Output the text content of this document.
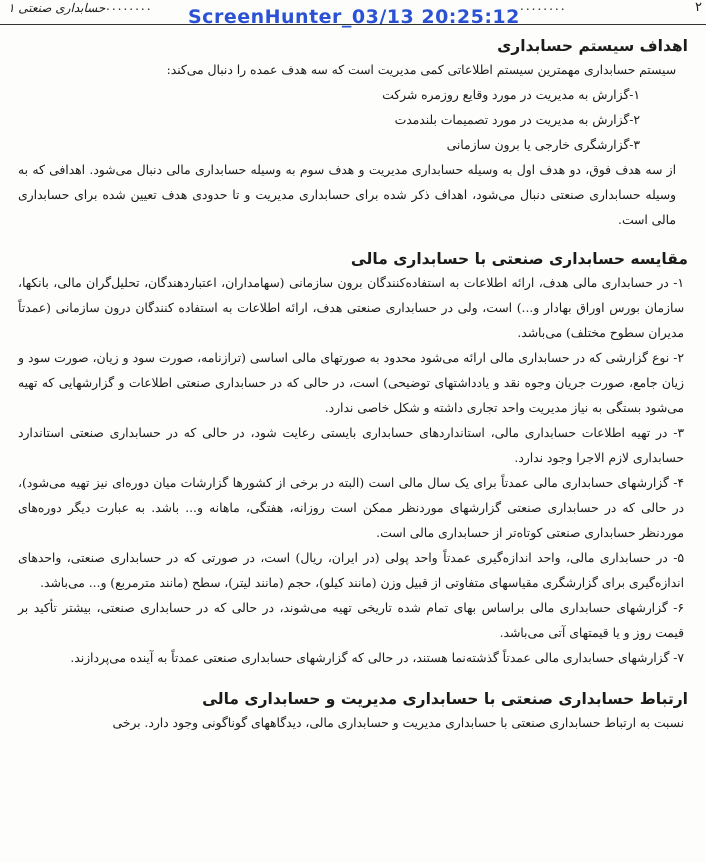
۲
حسابداری صنعتی ۱ ........	........
ScreenHunter_03/13 20:25:12
اهداف سیستم حسابداری

سیستم حسابداری مهمترین سیستم اطلاعاتی کمی مدیریت است که سه هدف عمده را دنبال می‌کند:

۱-گزارش به مدیریت در مورد وقایع روزمره شرکت

۲-گزارش به مدیریت در مورد تصمیمات بلندمدت

۳-گزارشگری خارجی یا برون سازمانی

از سه هدف فوق، دو هدف اول به وسیله حسابداری مدیریت و هدف سوم به وسیله حسابداری مالی دنبال می‌شود. اهدافی که به وسیله حسابداری صنعتی دنبال می‌شود، اهداف ذکر شده برای حسابداری مدیریت و تا حدودی هدف تعیین شده برای حسابداری مالی است.

مقایسه حسابداری صنعتی با حسابداری مالی

۱- در حسابداری مالی هدف، ارائه اطلاعات به استفاده‌کنندگان برون سازمانی (سهامداران، اعتباردهندگان، تحلیل‌گران مالی، بانکها، سازمان بورس اوراق بهادار و...) است، ولی در حسابداری صنعتی هدف، ارائه اطلاعات به استفاده کنندگان درون سازمانی (عمدتاً مدیران سطوح مختلف) می‌باشد.

۲- نوع گزارشی که در حسابداری مالی ارائه می‌شود محدود به صورتهای مالی اساسی (ترازنامه، صورت سود و زیان، صورت سود و زیان جامع، صورت جریان وجوه نقد و یادداشتهای توضیحی) است، در حالی که در حسابداری صنعتی اطلاعات و گزارشهایی که تهیه می‌شود بستگی به نیاز مدیریت واحد تجاری داشته و شکل خاصی ندارد.

۳- در تهیه اطلاعات حسابداری مالی، استانداردهای حسابداری بایستی رعایت شود، در حالی که در حسابداری صنعتی استاندارد حسابداری لازم الاجرا وجود ندارد.

۴- گزارشهای حسابداری مالی عمدتاً برای یک سال مالی است (البته در برخی از کشورها گزارشات میان دوره‌ای نیز تهیه می‌شود)، در حالی که در حسابداری صنعتی گزارشهای موردنظر ممکن است روزانه، هفتگی، ماهانه و... باشد. به عبارت دیگر دوره‌های موردنظر حسابداری صنعتی کوتاه‌تر از حسابداری مالی است.

۵- در حسابداری مالی، واحد اندازه‌گیری عمدتاً واحد پولی (در ایران، ریال) است، در صورتی که در حسابداری صنعتی، واحدهای اندازه‌گیری برای گزارشگری مقیاسهای متفاوتی از قبیل وزن (مانند کیلو)، حجم (مانند لیتر)، سطح (مانند مترمربع) و... می‌باشد.

۶- گزارشهای حسابداری مالی براساس بهای تمام شده تاریخی تهیه می‌شوند، در حالی که در حسابداری صنعتی، بیشتر تأکید بر قیمت روز و یا قیمتهای آتی می‌باشد.

۷- گزارشهای حسابداری مالی عمدتاً گذشته‌نما هستند، در حالی که گزارشهای حسابداری صنعتی عمدتاً به آینده می‌پردازند.

ارتباط حسابداری صنعتی با حسابداری مدیریت و حسابداری مالی

نسبت به ارتباط حسابداری صنعتی با حسابداری مدیریت و حسابداری مالی، دیدگاههای گوناگونی وجود دارد. برخی
